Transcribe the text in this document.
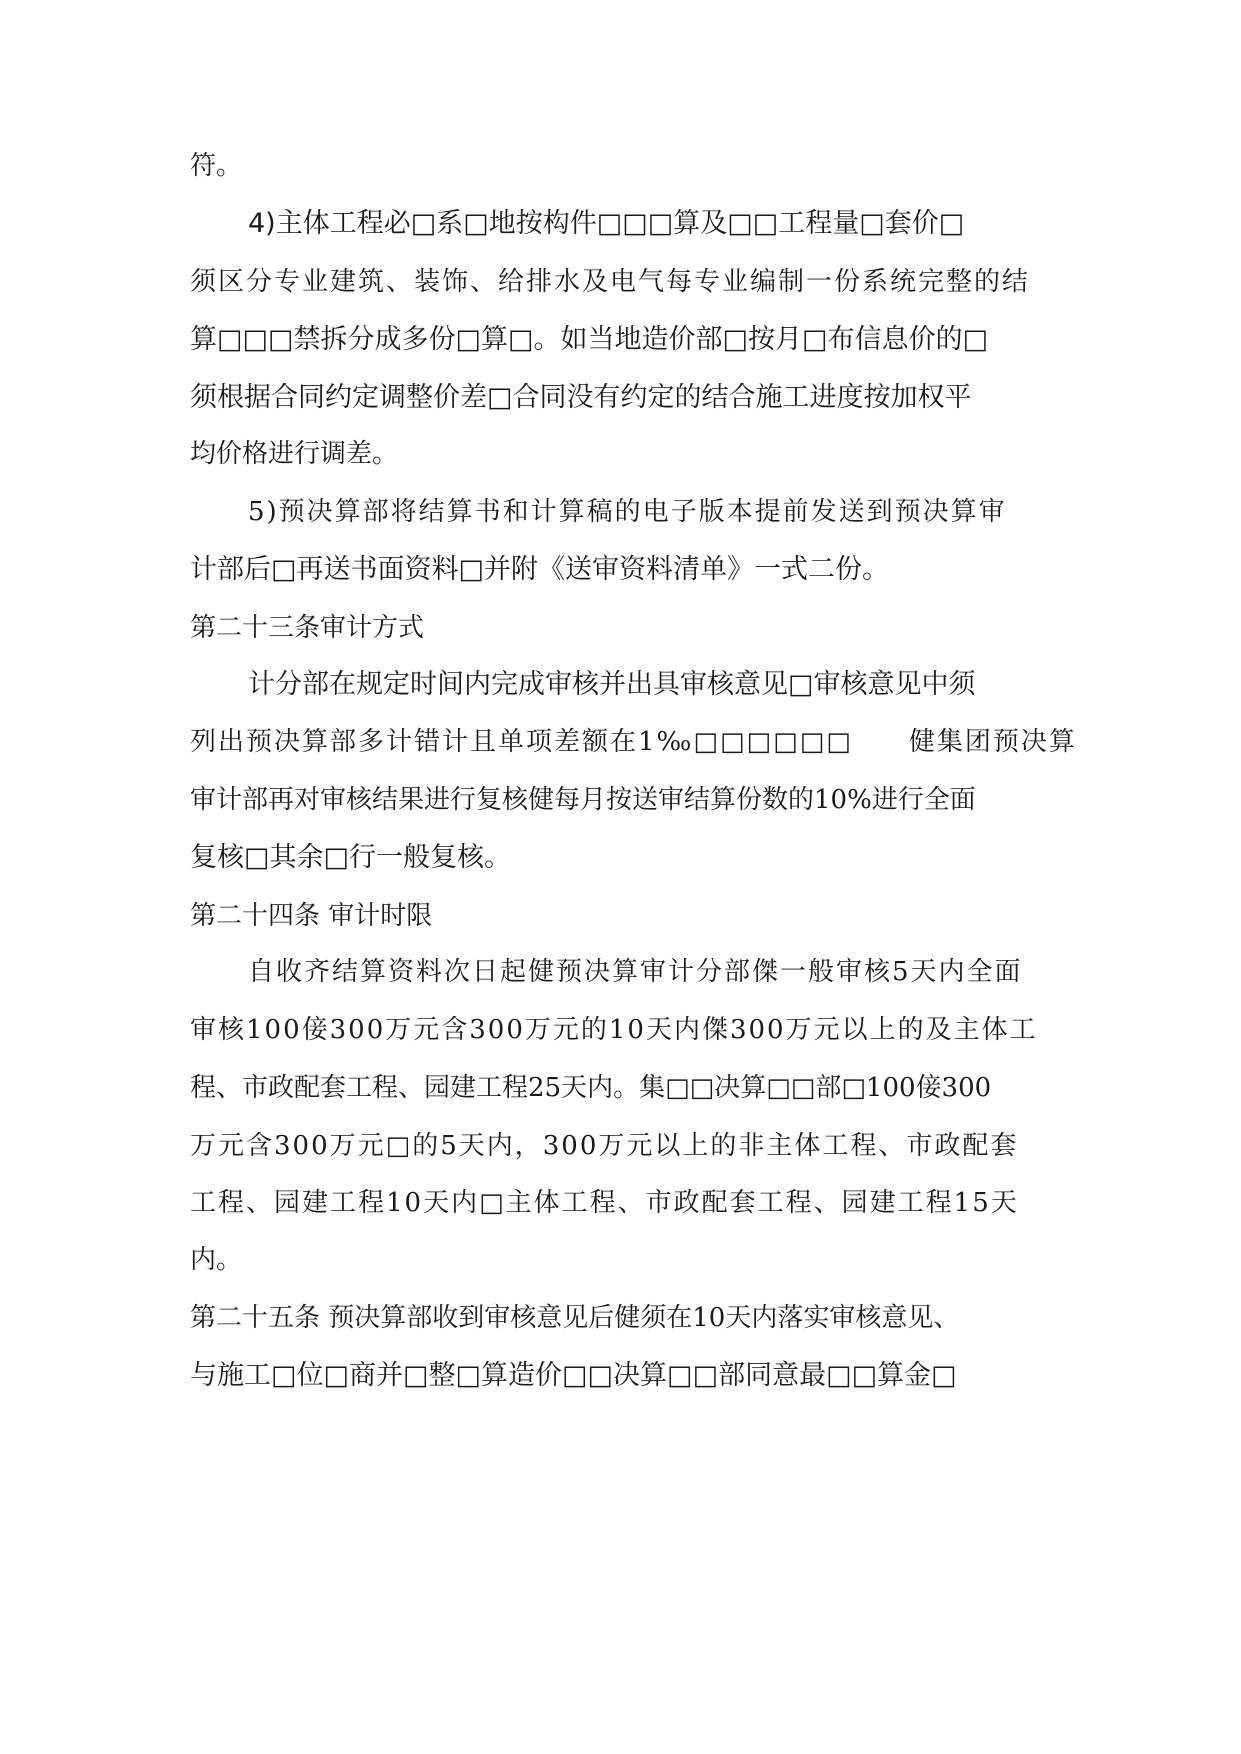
符。
4)主体工程必□系□地按构件□□□算及□□工程量□套价□
须区分专业建筑、装饰、给排水及电气每专业编制一份系统完整的结
算□□□禁拆分成多份□算□。如当地造价部□按月□布信息价的□
须根据合同约定调整价差□合同没有约定的结合施工进度按加权平
均价格进行调差。
5)预决算部将结算书和计算稿的电子版本提前发送到预决算审
计部后□再送书面资料□并附《送审资料清单》一式二份。
第二十三条审计方式
计分部在规定时间内完成审核并出具审核意见□审核意见中须
列出预决算部多计错计且单项差额在1‰□□□□□□　　健集团预决算
审计部再对审核结果进行复核健每月按送审结算份数的10%进行全面
复核□其余□行一般复核。
第二十四条 审计时限
自收齐结算资料次日起健预决算审计分部傑一般审核5天内全面
审核100倿300万元含300万元的10天内傑300万元以上的及主体工
程、市政配套工程、园建工程25天内。集□□决算□□部□100倿300
万元含300万元□的5天内，300万元以上的非主体工程、市政配套
工程、园建工程10天内□主体工程、市政配套工程、园建工程15天
内。
第二十五条 预决算部收到审核意见后健须在10天内落实审核意见、
与施工□位□商并□整□算造价□□决算□□部同意最□□算金□
